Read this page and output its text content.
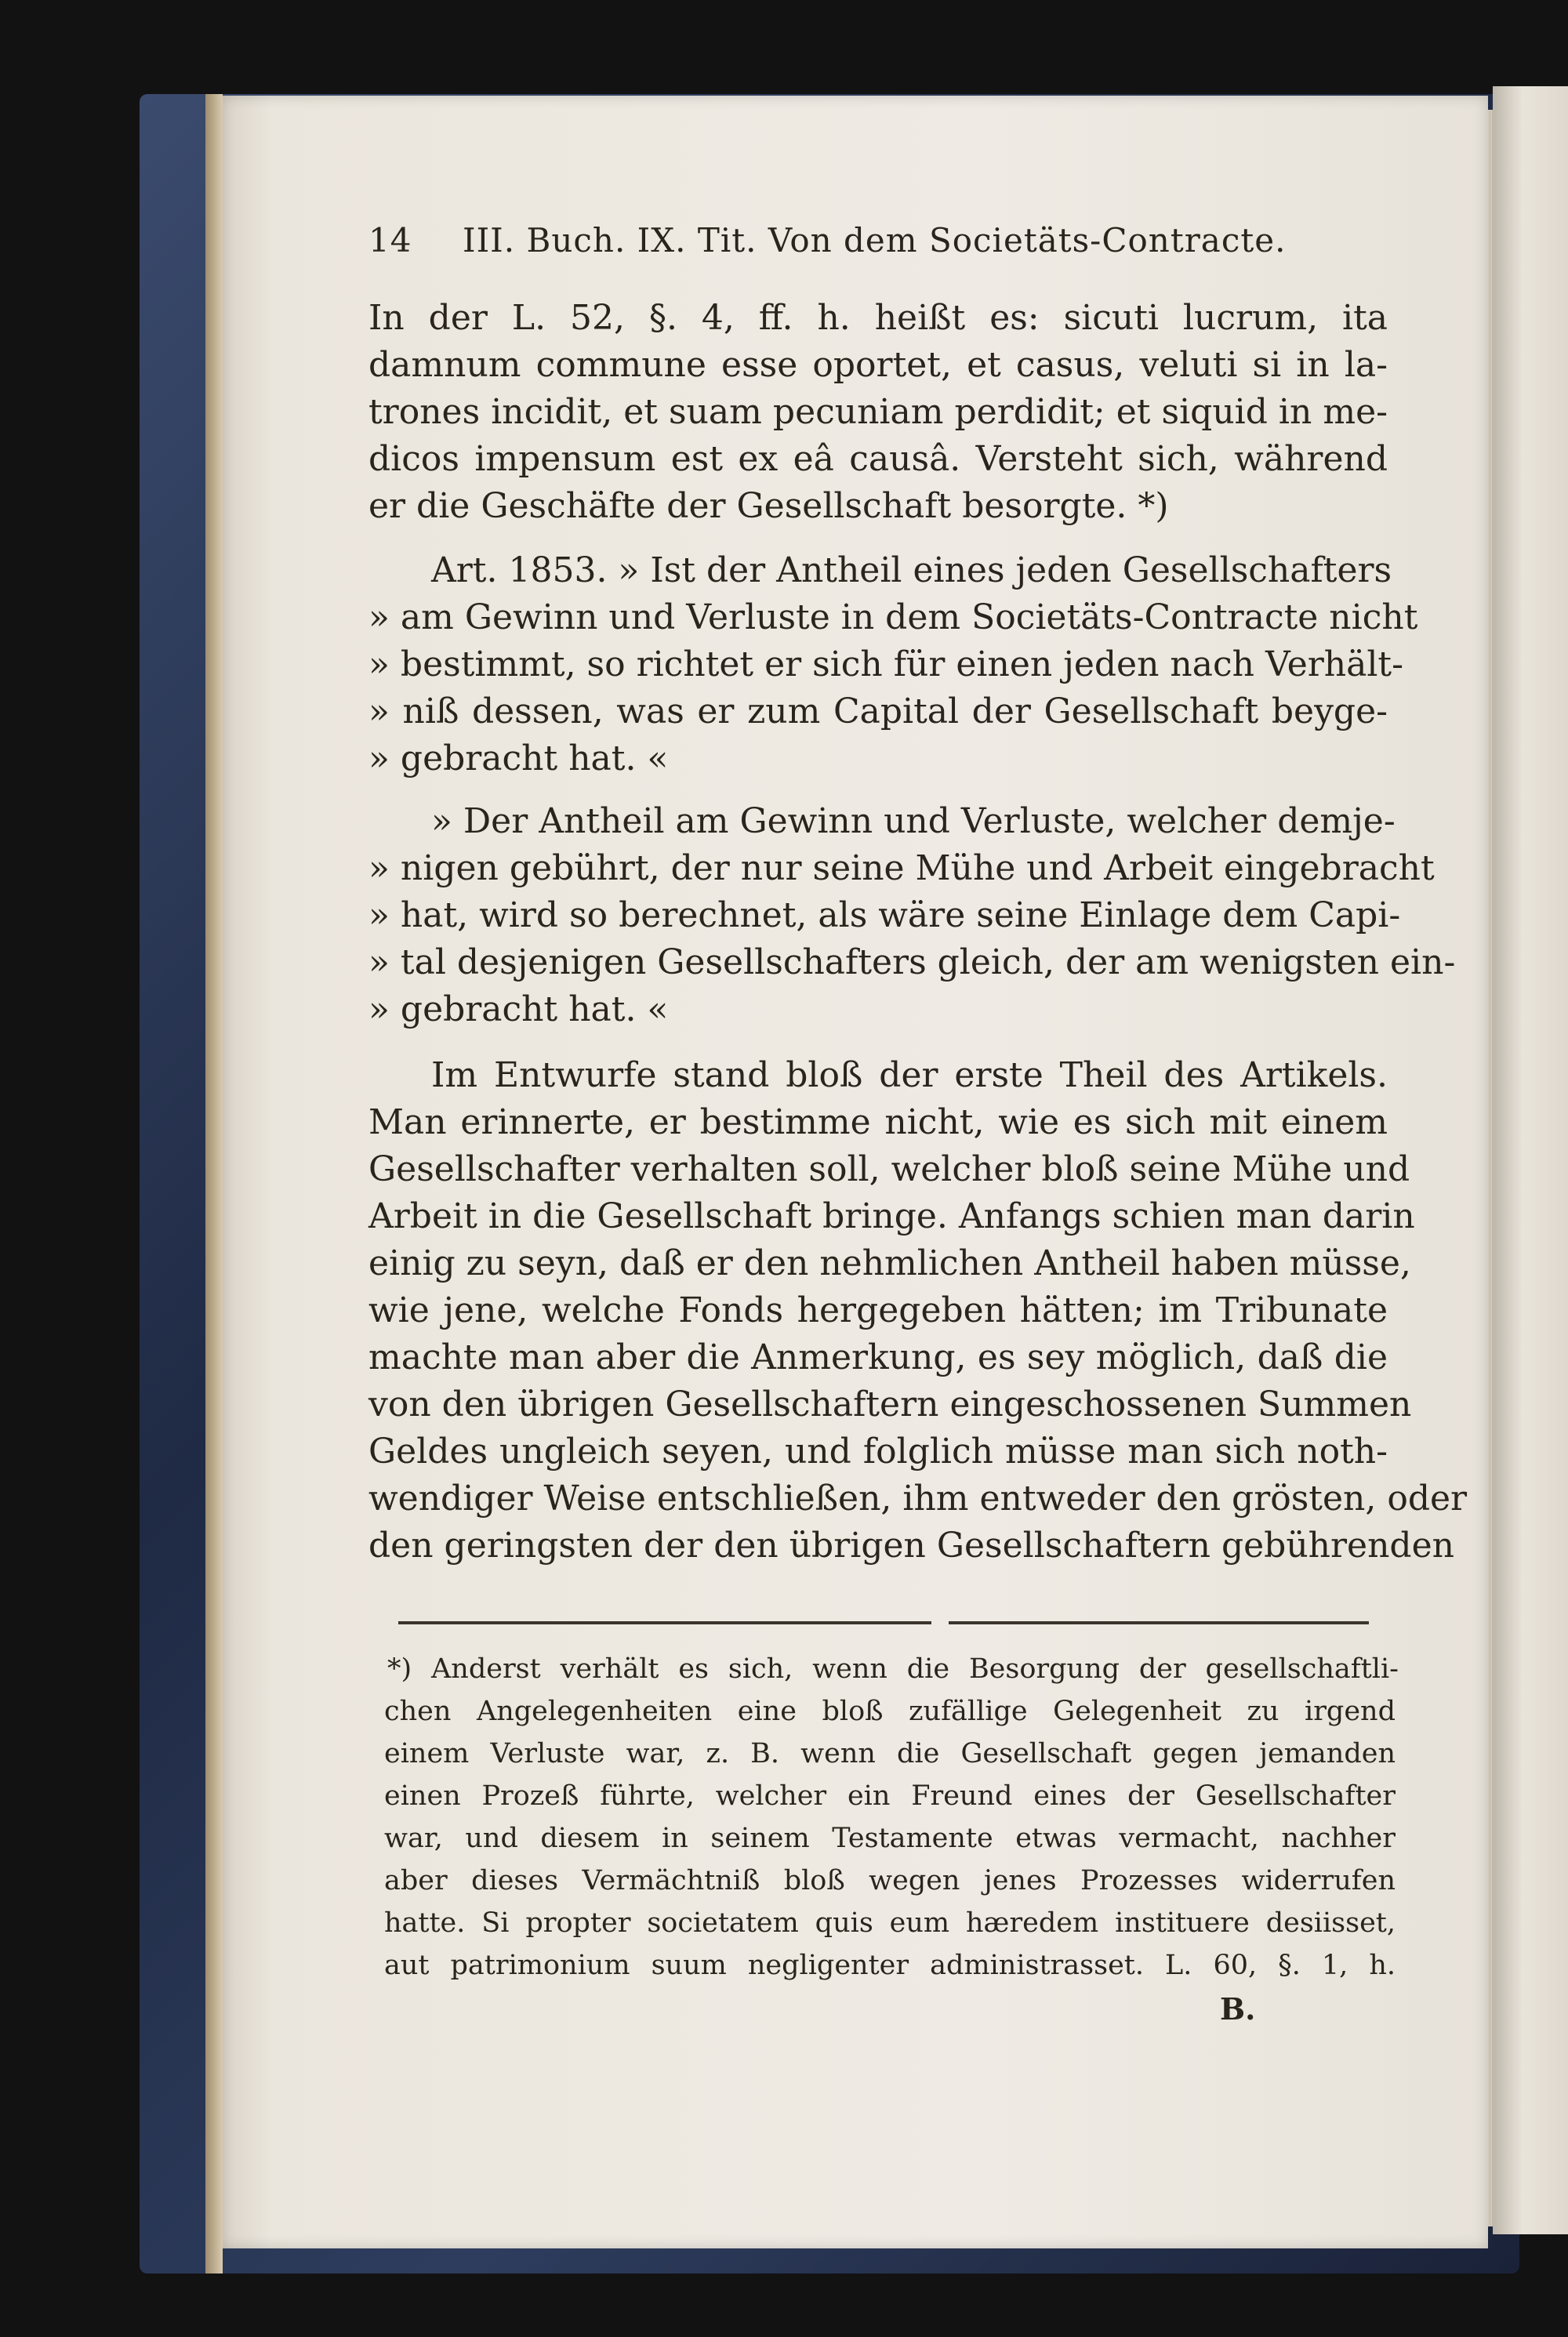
14	III. Buch. IX. Tit. Von dem Societäts-Contracte.
In der L. 52, §. 4, ff. h. heißt es: sicuti lucrum, ita
damnum commune esse oportet, et casus, veluti si in la-
trones incidit, et suam pecuniam perdidit; et siquid in me-
dicos impensum est ex eâ causâ. Versteht sich, während
er die Geschäfte der Gesellschaft besorgte. *)
Art. 1853. » Ist der Antheil eines jeden Gesellschafters
» am Gewinn und Verluste in dem Societäts-Contracte nicht
» bestimmt, so richtet er sich für einen jeden nach Verhält-
» niß dessen, was er zum Capital der Gesellschaft beyge-
» gebracht hat. «
» Der Antheil am Gewinn und Verluste, welcher demje-
» nigen gebührt, der nur seine Mühe und Arbeit eingebracht
» hat, wird so berechnet, als wäre seine Einlage dem Capi-
» tal desjenigen Gesellschafters gleich, der am wenigsten ein-
» gebracht hat. «
Im Entwurfe stand bloß der erste Theil des Artikels.
Man erinnerte, er bestimme nicht, wie es sich mit einem
Gesellschafter verhalten soll, welcher bloß seine Mühe und
Arbeit in die Gesellschaft bringe. Anfangs schien man darin
einig zu seyn, daß er den nehmlichen Antheil haben müsse,
wie jene, welche Fonds hergegeben hätten; im Tribunate
machte man aber die Anmerkung, es sey möglich, daß die
von den übrigen Gesellschaftern eingeschossenen Summen
Geldes ungleich seyen, und folglich müsse man sich noth-
wendiger Weise entschließen, ihm entweder den grösten, oder
den geringsten der den übrigen Gesellschaftern gebührenden
*) Anderst verhält es sich, wenn die Besorgung der gesellschaftli-
chen Angelegenheiten eine bloß zufällige Gelegenheit zu irgend
einem Verluste war, z. B. wenn die Gesellschaft gegen jemanden
einen Prozeß führte, welcher ein Freund eines der Gesellschafter
war, und diesem in seinem Testamente etwas vermacht, nachher
aber dieses Vermächtniß bloß wegen jenes Prozesses widerrufen
hatte. Si propter societatem quis eum hæredem instituere desiisset,
aut patrimonium suum negligenter administrasset. L. 60, §. 1, h.
B.
